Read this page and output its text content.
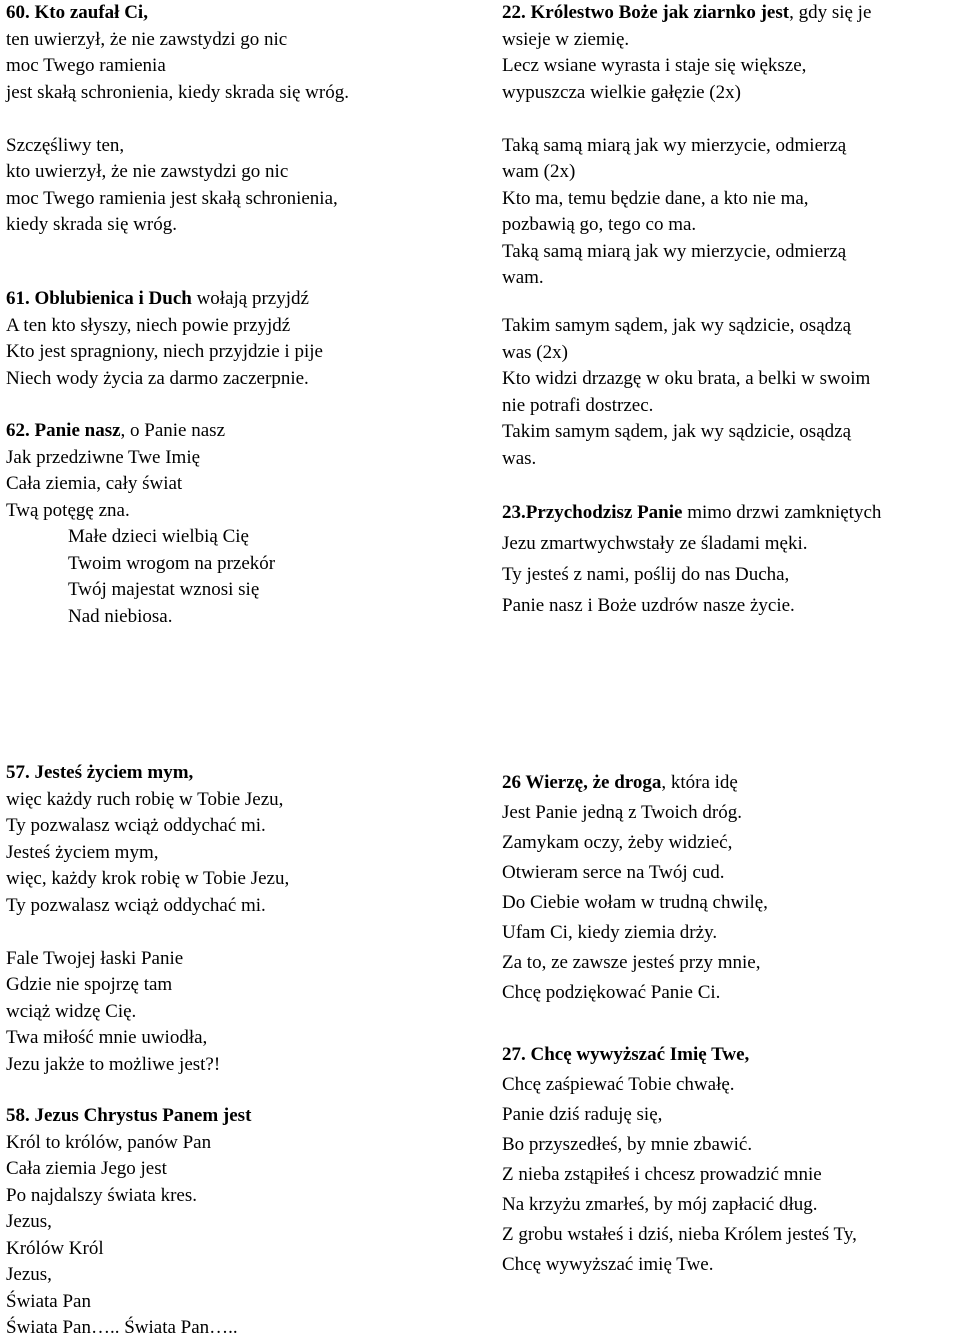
60. Kto zaufał Ci,
ten uwierzył, że nie zawstydzi go nic
moc Twego ramienia
jest skałą schronienia, kiedy skrada się wróg.
Szczęśliwy ten,
kto uwierzył, że nie zawstydzi go nic
moc Twego ramienia jest skałą schronienia,
kiedy skrada się wróg.
61. Oblubienica i Duch wołają przyjdź
A ten kto słyszy, niech powie przyjdź
Kto jest spragniony, niech przyjdzie i pije
Niech wody życia za darmo zaczerpnie.
62. Panie nasz, o Panie nasz
Jak przedziwne Twe Imię
Cała ziemia, cały świat
Twą potęgę zna.
Małe dzieci wielbią Cię
Twoim wrogom na przekór
Twój majestat wznosi się
Nad niebiosa.
22. Królestwo Boże jak ziarnko jest, gdy się je
wsieje w ziemię.
Lecz wsiane wyrasta i staje się większe,
wypuszcza wielkie gałęzie (2x)
Taką samą miarą jak wy mierzycie, odmierzą
wam (2x)
Kto ma, temu będzie dane, a kto nie ma,
pozbawią go, tego co ma.
Taką samą miarą jak wy mierzycie, odmierzą
wam.
Takim samym sądem, jak wy sądzicie, osądzą
was (2x)
Kto widzi drzazgę w oku brata, a belki w swoim
nie potrafi dostrzec.
Takim samym sądem, jak wy sądzicie, osądzą
was.
23.Przychodzisz Panie mimo drzwi zamkniętych
Jezu zmartwychwstały ze śladami męki.
Ty jesteś z nami, poślij do nas Ducha,
Panie nasz i Boże uzdrów nasze życie.
57. Jesteś życiem mym,
więc każdy ruch robię w Tobie Jezu,
Ty pozwalasz wciąż oddychać mi.
Jesteś życiem mym,
więc, każdy krok robię w Tobie Jezu,
Ty pozwalasz wciąż oddychać mi.
Fale Twojej łaski Panie
Gdzie nie spojrzę tam
wciąż widzę Cię.
Twa miłość mnie uwiodła,
Jezu jakże to możliwe jest?!
58. Jezus Chrystus Panem jest
Król to królów, panów Pan
Cała ziemia Jego jest
Po najdalszy świata kres.
Jezus,
Królów Król
Jezus,
Świata Pan
Świata Pan….. Świata Pan…..
26 Wierzę, że droga, która idę
Jest Panie jedną z Twoich dróg.
Zamykam oczy, żeby widzieć,
Otwieram serce na Twój cud.
Do Ciebie wołam w trudną chwilę,
Ufam Ci, kiedy ziemia drży.
Za to, ze zawsze jesteś przy mnie,
Chcę podziękować Panie Ci.
27. Chcę wywyższać Imię Twe,
Chcę zaśpiewać Tobie chwałę.
Panie dziś raduję się,
Bo przyszedłeś, by mnie zbawić.
Z nieba zstąpiłeś i chcesz prowadzić mnie
Na krzyżu zmarłeś, by mój zapłacić dług.
Z grobu wstałeś i dziś, nieba Królem jesteś Ty,
Chcę wywyższać imię Twe.
